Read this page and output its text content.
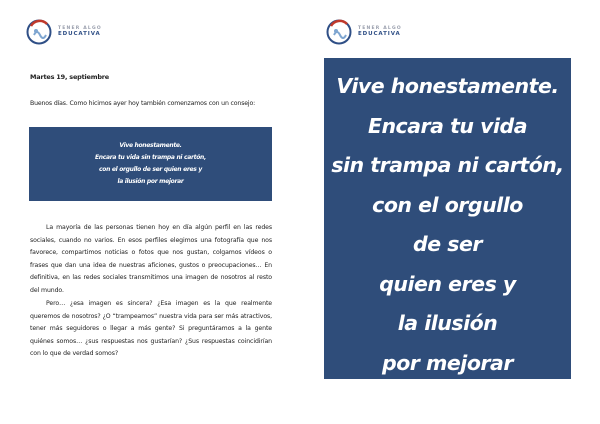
TENER ALGO
EDUCATIVA
Martes 19, septiembre
Buenos días. Como hicimos ayer hoy también comenzamos con un consejo:
Vive honestamente.
Encara tu vida sin trampa ni cartón,
con el orgullo de ser quien eres y
la ilusión por mejorar
La mayoría de las personas tienen hoy en día algún perfil en las redes sociales, cuando no varios. En esos perfiles elegimos una fotografía que nos favorece, compartimos noticias o fotos que nos gustan, colgamos vídeos o frases que dan una idea de nuestras aficiones, gustos o preocupaciones… En definitiva, en las redes sociales transmitimos una imagen de nosotros al resto del mundo.
Pero… ¿esa imagen es sincera? ¿Esa imagen es la que realmente queremos de nosotros? ¿O “trampeamos” nuestra vida para ser más atractivos, tener más seguidores o llegar a más gente? Si preguntáramos a la gente quiénes somos… ¿sus respuestas nos gustarían? ¿Sus respuestas coincidirían con lo que de verdad somos?
TENER ALGO
EDUCATIVA
Vive honestamente.
Encara tu vida
sin trampa ni cartón,
con el orgullo
de ser
quien eres y
la ilusión
por mejorar
